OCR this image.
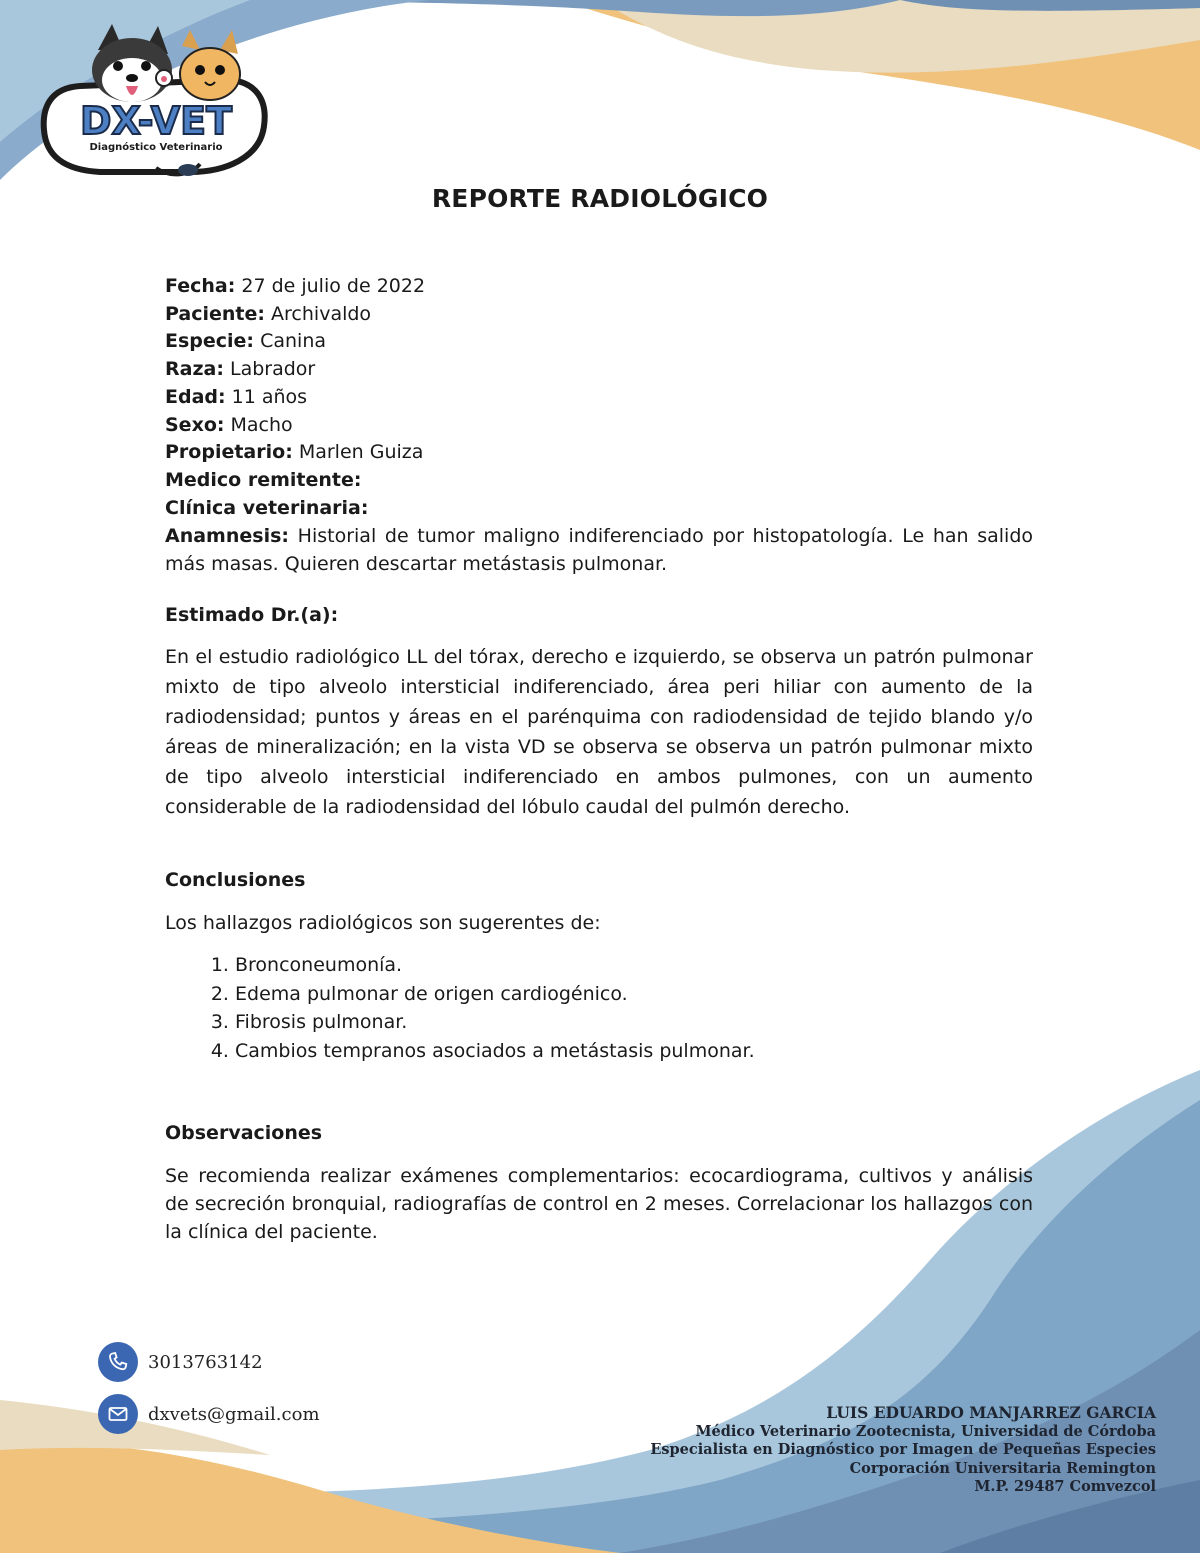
DX-VET
Diagnóstico Veterinario
REPORTE RADIOLÓGICO

Fecha: 27 de julio de 2022

Paciente: Archivaldo

Especie: Canina

Raza: Labrador

Edad: 11 años

Sexo: Macho

Propietario: Marlen Guiza

Medico remitente:

Clínica veterinaria:

Anamnesis: Historial de tumor maligno indiferenciado por histopatología. Le han salido más masas. Quieren descartar metástasis pulmonar.

Estimado Dr.(a):

En el estudio radiológico LL del tórax, derecho e izquierdo, se observa un patrón pulmonar mixto de tipo alveolo intersticial indiferenciado, área peri hiliar con aumento de la radiodensidad; puntos y áreas en el parénquima con radiodensidad de tejido blando y/o áreas de mineralización; en la vista VD se observa se observa un patrón pulmonar mixto de tipo alveolo intersticial indiferenciado en ambos pulmones, con un aumento considerable de la radiodensidad del lóbulo caudal del pulmón derecho.

Conclusiones

Los hallazgos radiológicos son sugerentes de:

1. Bronconeumonía.
2. Edema pulmonar de origen cardiogénico.
3. Fibrosis pulmonar.
4. Cambios tempranos asociados a metástasis pulmonar.

Observaciones

Se recomienda realizar exámenes complementarios: ecocardiograma, cultivos y análisis de secreción bronquial, radiografías de control en 2 meses. Correlacionar los hallazgos con la clínica del paciente.

3013763142
dxvets@gmail.com	LUIS EDUARDO MANJARREZ GARCIA
Médico Veterinario Zootecnista, Universidad de Córdoba
Especialista en Diagnóstico por Imagen de Pequeñas Especies
Corporación Universitaria Remington
M.P. 29487 Comvezcol
